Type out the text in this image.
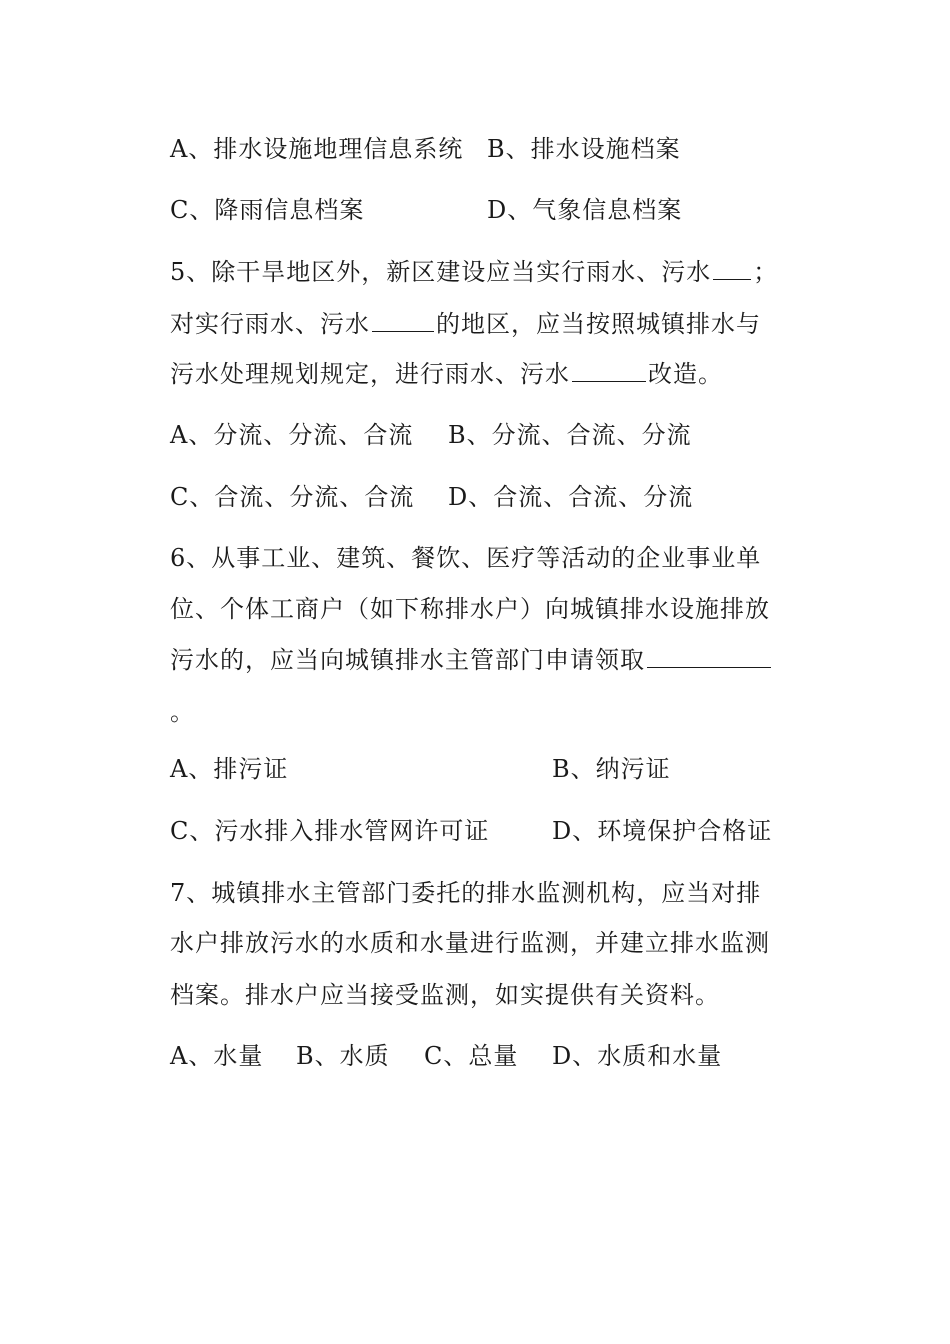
A、排水设施地理信息系统 B、排水设施档案
C、降雨信息档案	D、气象信息档案
5、除干旱地区外，新区建设应当实行雨水、污水 ；
对实行雨水、污水	的地区，应当按照城镇排水与
污水处理规划规定，进行雨水、污水	改造。
A、分流、分流、合流 B、分流、合流、分流
C、合流、分流、合流 D、合流、合流、分流
6、从事工业、建筑、餐饮、医疗等活动的企业事业单
位、个体工商户（如下称排水户）向城镇排水设施排放
污水的，应当向城镇排水主管部门申请领取
。
A、排污证	B、纳污证
C、污水排入排水管网许可证	D、环境保护合格证
7、城镇排水主管部门委托的排水监测机构，应当对排
水户排放污水的水质和水量进行监测，并建立排水监测
档案。排水户应当接受监测，如实提供有关资料。
A、水量 B、水质 C、总量 D、水质和水量
